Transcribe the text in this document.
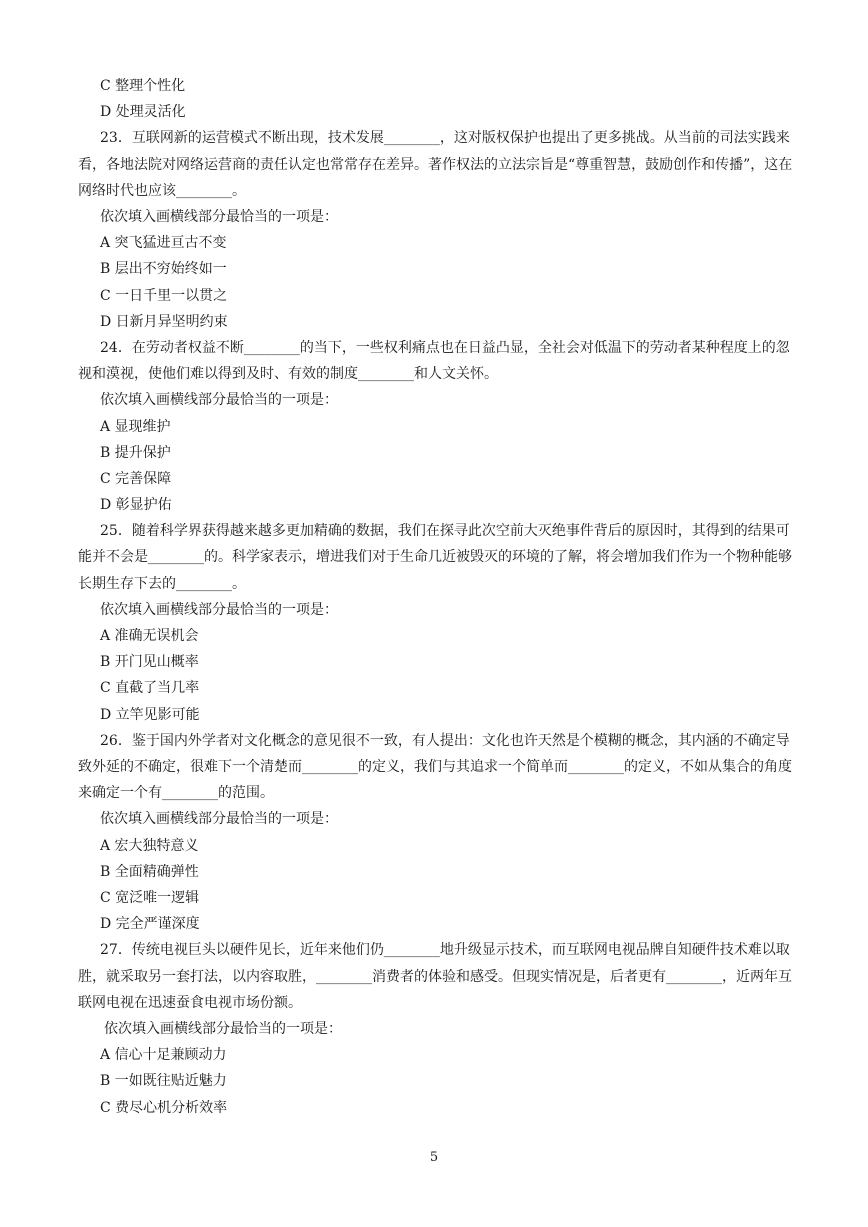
C 整理个性化
D 处理灵活化
23．互联网新的运营模式不断出现，技术发展________，这对版权保护也提出了更多挑战。从当前的司法实践来看，各地法院对网络运营商的责任认定也常常存在差异。著作权法的立法宗旨是“尊重智慧，鼓励创作和传播”，这在网络时代也应该________。
依次填入画横线部分最恰当的一项是：
A 突飞猛进亘古不变
B 层出不穷始终如一
C 一日千里一以贯之
D 日新月异坚明约束
24．在劳动者权益不断________的当下，一些权利痛点也在日益凸显，全社会对低温下的劳动者某种程度上的忽视和漠视，使他们难以得到及时、有效的制度________和人文关怀。
依次填入画横线部分最恰当的一项是：
A 显现维护
B 提升保护
C 完善保障
D 彰显护佑
25．随着科学界获得越来越多更加精确的数据，我们在探寻此次空前大灭绝事件背后的原因时，其得到的结果可能并不会是________的。科学家表示，增进我们对于生命几近被毁灭的环境的了解，将会增加我们作为一个物种能够长期生存下去的________。
依次填入画横线部分最恰当的一项是：
A 准确无误机会
B 开门见山概率
C 直截了当几率
D 立竿见影可能
26．鉴于国内外学者对文化概念的意见很不一致，有人提出：文化也许天然是个模糊的概念，其内涵的不确定导致外延的不确定，很难下一个清楚而________的定义，我们与其追求一个简单而________的定义，不如从集合的角度来确定一个有________的范围。
依次填入画横线部分最恰当的一项是：
A 宏大独特意义
B 全面精确弹性
C 宽泛唯一逻辑
D 完全严谨深度
27．传统电视巨头以硬件见长，近年来他们仍________地升级显示技术，而互联网电视品牌自知硬件技术难以取胜，就采取另一套打法，以内容取胜，________消费者的体验和感受。但现实情况是，后者更有________，近两年互联网电视在迅速蚕食电视市场份额。
依次填入画横线部分最恰当的一项是：
A 信心十足兼顾动力
B 一如既往贴近魅力
C 费尽心机分析效率
5
